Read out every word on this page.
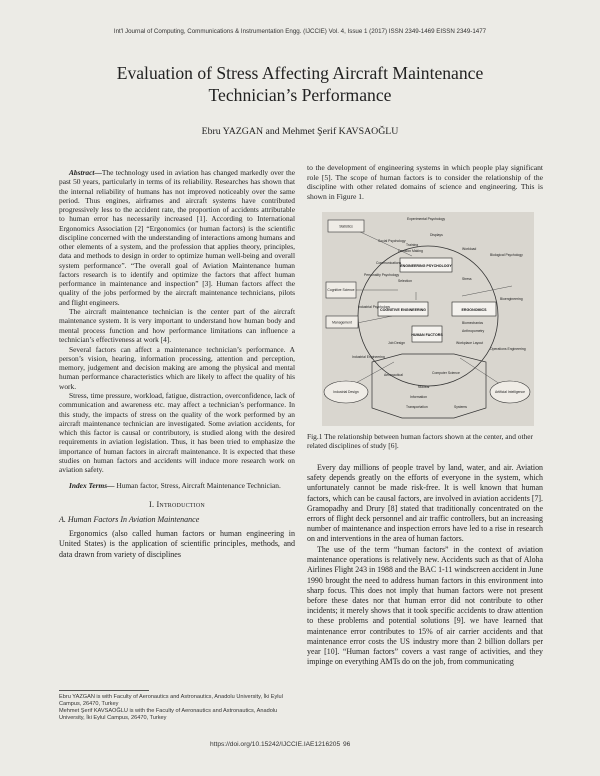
Int'l Journal of Computing, Communications & Instrumentation Engg. (IJCCIE) Vol. 4, Issue 1 (2017) ISSN 2349-1469 EISSN 2349-1477
Evaluation of Stress Affecting Aircraft Maintenance
Technician’s Performance
Ebru YAZGAN and Mehmet Şerif KAVSAOĞLU

Abstract—The technology used in aviation has changed markedly over the past 50 years, particularly in terms of its reliability. Researches has shown that the internal reliability of humans has not improved noticeably over the same period. Thus engines, airframes and aircraft systems have contributed progressively less to the accident rate, the proportion of accidents attributable to human error has necessarily increased [1]. According to International Ergonomics Association [2] “Ergonomics (or human factors) is the scientific discipline concerned with the understanding of interactions among humans and other elements of a system, and the profession that applies theory, principles, data and methods to design in order to optimize human well-being and overall system performance”. “The overall goal of Aviation Maintenance human factors research is to identify and optimize the factors that affect human performance in maintenance and inspection” [3]. Human factors affect the quality of the jobs performed by the aircraft maintenance technicians, pilots and flight engineers.

The aircraft maintenance technician is the center part of the aircraft maintenance system. It is very important to understand how human body and mental process function and how performance limitations can influence a technician’s effectiveness at work [4].

Several factors can affect a maintenance technician’s performance. A person’s vision, hearing, information processing, attention and perception, memory, judgement and decision making are among the physical and mental human performance characteristics which are likely to affect the quality of his work.

Stress, time pressure, workload, fatigue, distraction, overconfidence, lack of communication and awareness etc. may affect a technician’s performance. In this study, the impacts of stress on the quality of the work performed by an aircraft maintenance technician are investigated. Some aviation accidents, for which this factor is causal or contributory, is studied along with the desired requirements in aviation legislation. Thus, it has been tried to emphasize the importance of human factors in aircraft maintenance. It is expected that these studies on human factors and accidents will induce more research work on aviation safety.

Index Terms— Human factor, Stress, Aircraft Maintenance Technician.

I. Introduction
A. Human Factors In Aviation Maintenance

Ergonomics (also called human factors or human engineering in United States) is the application of scientific principles, methods, and data drawn from variety of disciplines

Ebru YAZGAN is with Faculty of Aeronautics and Astronautics, Anadolu University, İki Eylul Campus, 26470, Turkey

Mehmet Şerif KAVSAOĞLU is with the Faculty of Aeronautics and Astronautics, Anadolu University, İki Eylul Campus, 26470, Turkey

to the development of engineering systems in which people play significant role [5]. The scope of human factors is to consider the relationship of the discipline with other related domains of science and engineering. This is shown in Figure 1.

Statistics
Cognitive Science
Management
Industrial Design	Artificial Intelligence
ENGINEERING PSYCHOLOGY
COGNITIVE ENGINEERING	ERGONOMICS
HUMAN FACTORS
Experimental Psychology
Social Psychology
Displays
Training
Decision Making	Workload
Biological Psychology
Communications
Personality Psychology
Selection	Stress
Bioengineering
Biomechanics
Anthropometry
Industrial Psychology
Job Design	Workplace Layout
Operations Engineering
Industrial Engineering
Aeronautical	Computer Science
Nuclear
Information
Transportation	Systems
Fig.1 The relationship between human factors shown at the center, and other related disciplines of study [6].

Every day millions of people travel by land, water, and air. Aviation safety depends greatly on the efforts of everyone in the system, which unfortunately cannot be made risk-free. It is well known that human factors, which can be causal factors, are involved in aviation accidents [7]. Gramopadhy and Drury [8] stated that traditionally concentrated on the errors of flight deck personnel and air traffic controllers, but an increasing number of maintenance and inspection errors have led to a rise in research on and interventions in the area of human factors.

The use of the term “human factors” in the context of aviation maintenance operations is relatively new. Accidents such as that of Aloha Airlines Flight 243 in 1988 and the BAC 1-11 windscreen accident in June 1990 brought the need to address human factors in this environment into sharp focus. This does not imply that human factors were not present before these dates nor that human error did not contribute to other incidents; it merely shows that it took specific accidents to draw attention to these problems and potential solutions [9]. we have learned that maintenance error contributes to 15% of air carrier accidents and that maintenance error costs the US industry more than 2 billion dollars per year [10]. “Human factors” covers a vast range of activities, and they impinge on everything AMTs do on the job, from communicating

https://doi.org/10.15242/IJCCIE.IAE1216205 96
